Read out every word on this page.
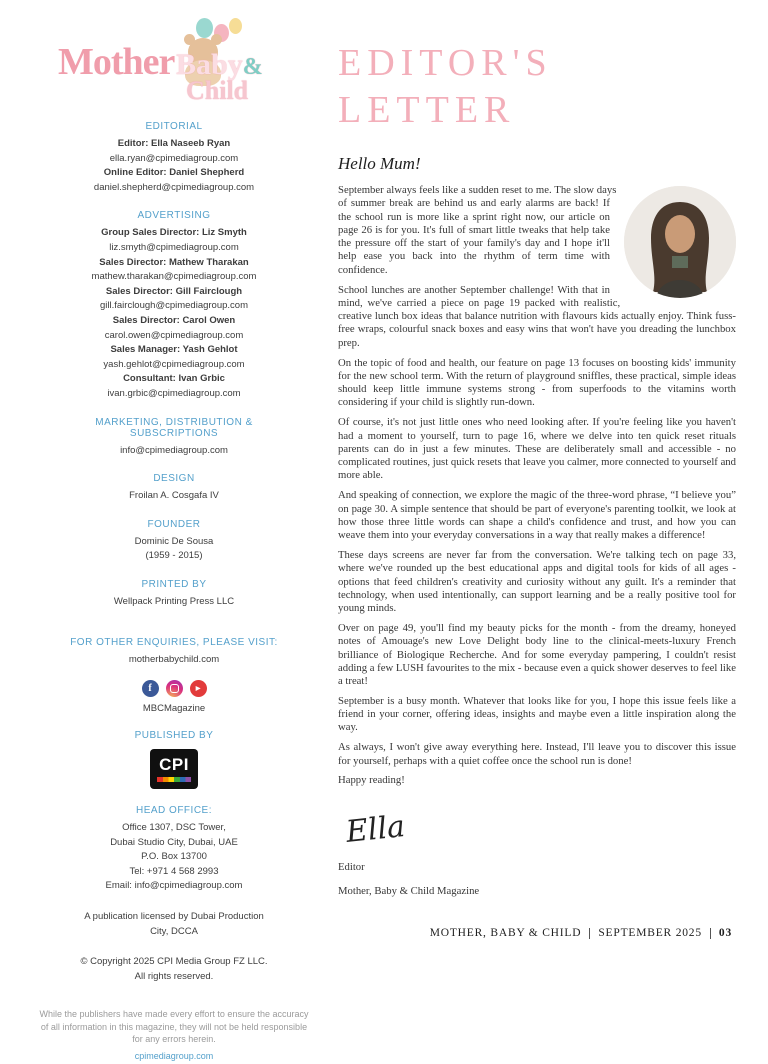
Mother Baby&
Child
EDITORIAL
Editor: Ella Naseeb Ryan
ella.ryan@cpimediagroup.com
Online Editor: Daniel Shepherd
daniel.shepherd@cpimediagroup.com
ADVERTISING
Group Sales Director: Liz Smyth
liz.smyth@cpimediagroup.com
Sales Director: Mathew Tharakan
mathew.tharakan@cpimediagroup.com
Sales Director: Gill Fairclough
gill.fairclough@cpimediagroup.com
Sales Director: Carol Owen
carol.owen@cpimediagroup.com
Sales Manager: Yash Gehlot
yash.gehlot@cpimediagroup.com
Consultant: Ivan Grbic
ivan.grbic@cpimediagroup.com
MARKETING, DISTRIBUTION & SUBSCRIPTIONS
info@cpimediagroup.com
DESIGN
Froilan A. Cosgafa IV
FOUNDER
Dominic De Sousa
(1959 - 2015)
PRINTED BY
Wellpack Printing Press LLC
FOR OTHER ENQUIRIES, PLEASE VISIT:
motherbabychild.com
f	▶
MBCMagazine
PUBLISHED BY
CPI
HEAD OFFICE:
Office 1307, DSC Tower,
Dubai Studio City, Dubai, UAE
P.O. Box 13700
Tel: +971 4 568 2993
Email: info@cpimediagroup.com
A publication licensed by Dubai Production City, DCCA
© Copyright 2025 CPI Media Group FZ LLC.
All rights reserved.
While the publishers have made every effort to ensure the accuracy of all information in this magazine, they will not be held responsible for any errors herein.
cpimediagroup.com
EDITOR'S
LETTER
Hello Mum!

September always feels like a sudden reset to me. The slow days of summer break are behind us and early alarms are back! If the school run is more like a sprint right now, our article on page 26 is for you. It's full of smart little tweaks that help take the pressure off the start of your family's day and I hope it'll help ease you back into the rhythm of term time with confidence.

School lunches are another September challenge! With that in mind, we've carried a piece on page 19 packed with realistic, creative lunch box ideas that balance nutrition with flavours kids actually enjoy. Think fuss-free wraps, colourful snack boxes and easy wins that won't have you dreading the lunchbox prep.

On the topic of food and health, our feature on page 13 focuses on boosting kids' immunity for the new school term. With the return of playground sniffles, these practical, simple ideas should keep little immune systems strong - from superfoods to the vitamins worth considering if your child is slightly run-down.

Of course, it's not just little ones who need looking after. If you're feeling like you haven't had a moment to yourself, turn to page 16, where we delve into ten quick reset rituals parents can do in just a few minutes. These are deliberately small and accessible - no complicated routines, just quick resets that leave you calmer, more connected to yourself and more able.

And speaking of connection, we explore the magic of the three-word phrase, “I believe you” on page 30. A simple sentence that should be part of everyone's parenting toolkit, we look at how those three little words can shape a child's confidence and trust, and how you can weave them into your everyday conversations in a way that really makes a difference!

These days screens are never far from the conversation. We're talking tech on page 33, where we've rounded up the best educational apps and digital tools for kids of all ages - options that feed children's creativity and curiosity without any guilt. It's a reminder that technology, when used intentionally, can support learning and be a really positive tool for young minds.

Over on page 49, you'll find my beauty picks for the month - from the dreamy, honeyed notes of Amouage's new Love Delight body line to the clinical-meets-luxury French brilliance of Biologique Recherche. And for some everyday pampering, I couldn't resist adding a few LUSH favourites to the mix - because even a quick shower deserves to feel like a treat!

September is a busy month. Whatever that looks like for you, I hope this issue feels like a friend in your corner, offering ideas, insights and maybe even a little inspiration along the way.

As always, I won't give away everything here. Instead, I'll leave you to discover this issue for yourself, perhaps with a quiet coffee once the school run is done!

Happy reading!

Ella
Editor
Mother, Baby & Child Magazine
MOTHER, BABY & CHILD SEPTEMBER 2025 03
